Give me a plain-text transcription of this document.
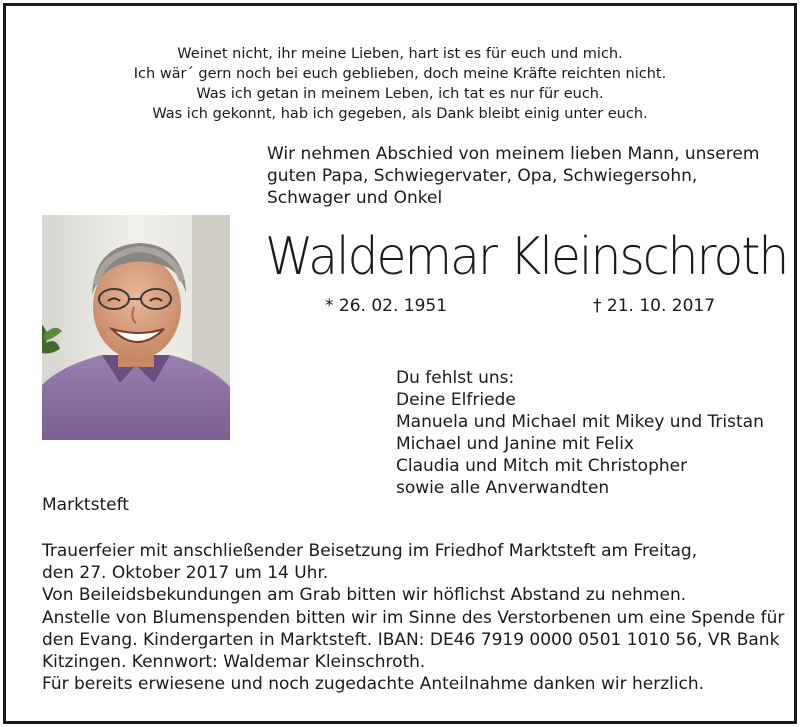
Weinet nicht, ihr meine Lieben, hart ist es für euch und mich.
Ich wär´ gern noch bei euch geblieben, doch meine Kräfte reichten nicht.
Was ich getan in meinem Leben, ich tat es nur für euch.
Was ich gekonnt, hab ich gegeben, als Dank bleibt einig unter euch.
Wir nehmen Abschied von meinem lieben Mann, unserem
guten Papa, Schwiegervater, Opa, Schwiegersohn,
Schwager und Onkel
Waldemar Kleinschroth
* 26. 02. 1951	† 21. 10. 2017
Du fehlst uns:
Deine Elfriede
Manuela und Michael mit Mikey und Tristan
Michael und Janine mit Felix
Claudia und Mitch mit Christopher
sowie alle Anverwandten
Marktsteft
Trauerfeier mit anschließender Beisetzung im Friedhof Marktsteft am Freitag,
den 27. Oktober 2017 um 14 Uhr.
Von Beileidsbekundungen am Grab bitten wir höflichst Abstand zu nehmen.
Anstelle von Blumenspenden bitten wir im Sinne des Verstorbenen um eine Spende für
den Evang. Kindergarten in Marktsteft. IBAN: DE46 7919 0000 0501 1010 56, VR Bank
Kitzingen. Kennwort: Waldemar Kleinschroth.
Für bereits erwiesene und noch zugedachte Anteilnahme danken wir herzlich.
